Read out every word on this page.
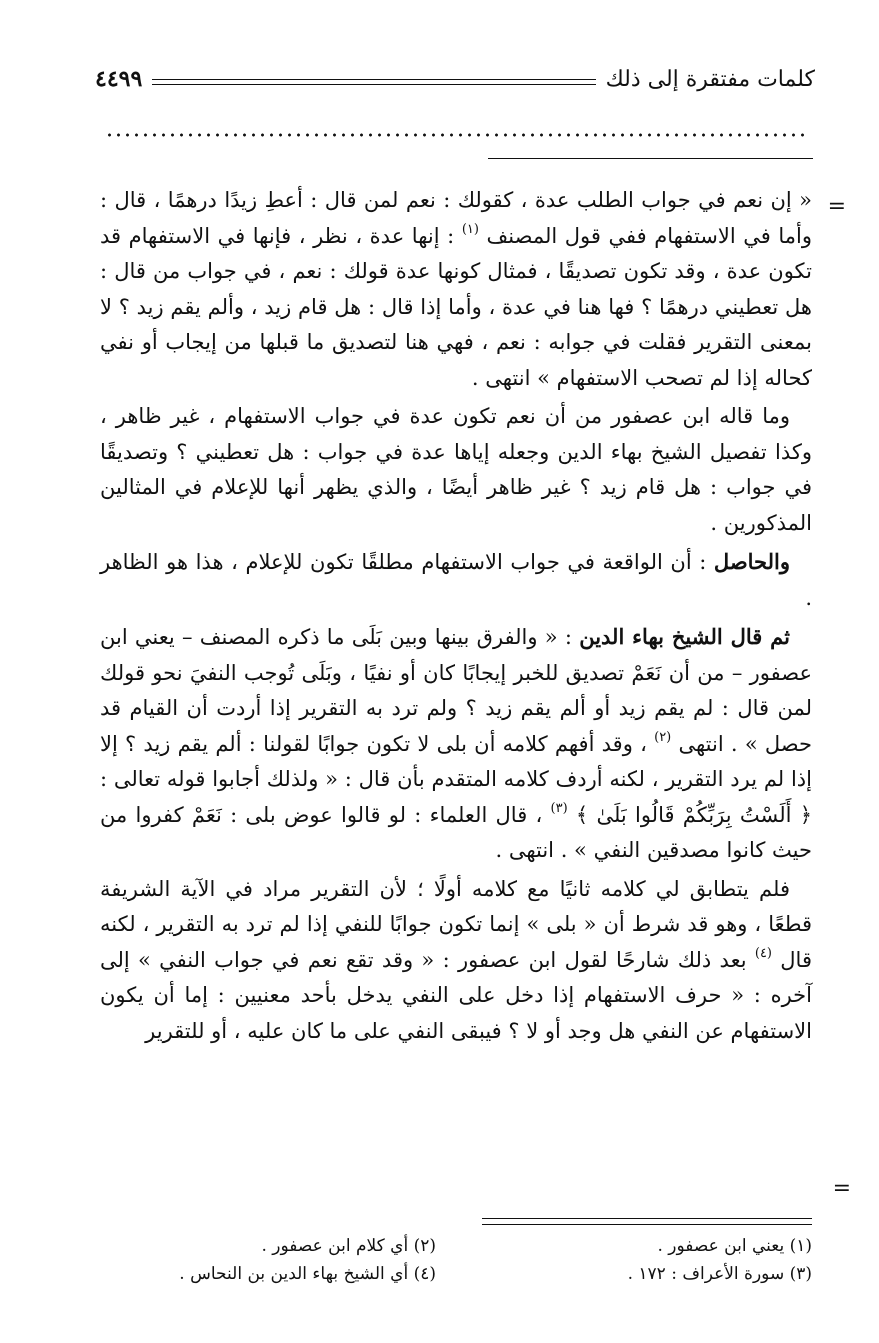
كلمات مفتقرة إلى ذلك
٤٤٩٩
=
=

« إن نعم في جواب الطلب عدة ، كقولك : نعم لمن قال : أعطِ زيدًا درهمًا ، قال : وأما في الاستفهام ففي قول المصنف $^{(١)}$ : إنها عدة ، نظر ، فإنها في الاستفهام قد تكون عدة ، وقد تكون تصديقًا ، فمثال كونها عدة قولك : نعم ، في جواب من قال : هل تعطيني درهمًا ؟ فها هنا في عدة ، وأما إذا قال : هل قام زيد ، وألم يقم زيد ؟ لا بمعنى التقرير فقلت في جوابه : نعم ، فهي هنا لتصديق ما قبلها من إيجاب أو نفي كحاله إذا لم تصحب الاستفهام » انتهى .

وما قاله ابن عصفور من أن نعم تكون عدة في جواب الاستفهام ، غير ظاهر ، وكذا تفصيل الشيخ بهاء الدين وجعله إياها عدة في جواب : هل تعطيني ؟ وتصديقًا في جواب : هل قام زيد ؟ غير ظاهر أيضًا ، والذي يظهر أنها للإعلام في المثالين المذكورين .

والحاصل : أن الواقعة في جواب الاستفهام مطلقًا تكون للإعلام ، هذا هو الظاهر .

ثم قال الشيخ بهاء الدين : « والفرق بينها وبين بَلَى ما ذكره المصنف – يعني ابن عصفور – من أن نَعَمْ تصديق للخبر إيجابًا كان أو نفيًا ، وبَلَى تُوجب النفيَ نحو قولك لمن قال : لم يقم زيد أو ألم يقم زيد ؟ ولم ترد به التقرير إذا أردت أن القيام قد حصل » . انتهى $^{(٢)}$ ، وقد أفهم كلامه أن بلى لا تكون جوابًا لقولنا : ألم يقم زيد ؟ إلا إذا لم يرد التقرير ، لكنه أردف كلامه المتقدم بأن قال : « ولذلك أجابوا قوله تعالى : ﴿ أَلَسْتُ بِرَبِّكُمْ قَالُوا بَلَىٰ ﴾ $^{(٣)}$ ، قال العلماء : لو قالوا عوض بلى : نَعَمْ كفروا من حيث كانوا مصدقين النفي » . انتهى .

فلم يتطابق لي كلامه ثانيًا مع كلامه أولًا ؛ لأن التقرير مراد في الآية الشريفة قطعًا ، وهو قد شرط أن « بلى » إنما تكون جوابًا للنفي إذا لم ترد به التقرير ، لكنه قال $^{(٤)}$ بعد ذلك شارحًا لقول ابن عصفور : « وقد تقع نعم في جواب النفي » إلى آخره : « حرف الاستفهام إذا دخل على النفي يدخل بأحد معنيين : إما أن يكون الاستفهام عن النفي هل وجد أو لا ؟ فيبقى النفي على ما كان عليه ، أو للتقرير

(١) يعني ابن عصفور .
(٢) أي كلام ابن عصفور .
(٣) سورة الأعراف : ١٧٢ .
(٤) أي الشيخ بهاء الدين بن النحاس .
